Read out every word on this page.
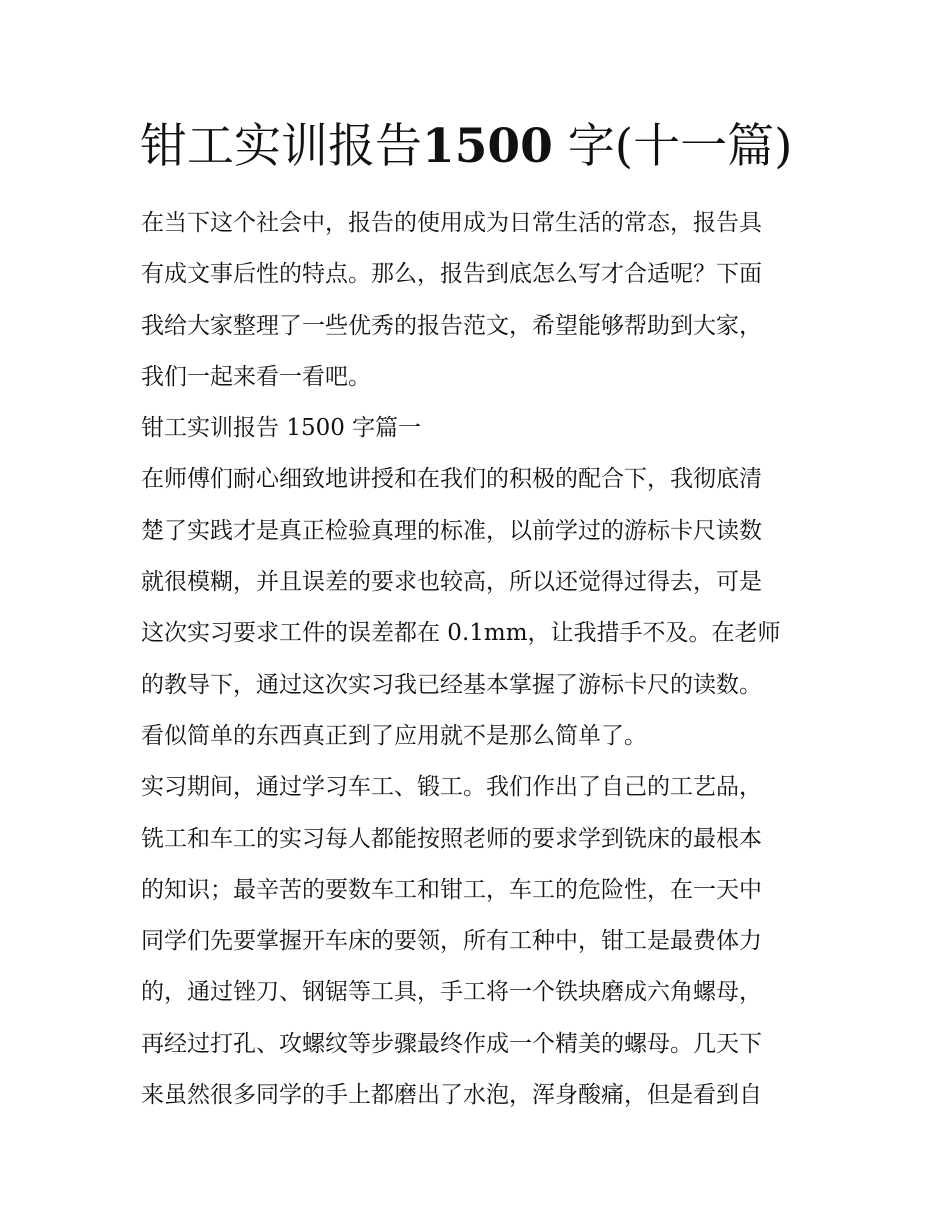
钳工实训报告1500 字(十一篇)
在当下这个社会中，报告的使用成为日常生活的常态，报告具
有成文事后性的特点。那么，报告到底怎么写才合适呢？下面
我给大家整理了一些优秀的报告范文，希望能够帮助到大家，
我们一起来看一看吧。
钳工实训报告 1500 字篇一
在师傅们耐心细致地讲授和在我们的积极的配合下，我彻底清
楚了实践才是真正检验真理的标准，以前学过的游标卡尺读数
就很模糊，并且误差的要求也较高，所以还觉得过得去，可是
这次实习要求工件的误差都在 0.1mm，让我措手不及。在老师
的教导下，通过这次实习我已经基本掌握了游标卡尺的读数。
看似简单的东西真正到了应用就不是那么简单了。
实习期间，通过学习车工、锻工。我们作出了自己的工艺品，
铣工和车工的实习每人都能按照老师的要求学到铣床的最根本
的知识；最辛苦的要数车工和钳工，车工的危险性，在一天中
同学们先要掌握开车床的要领，所有工种中，钳工是最费体力
的，通过锉刀、钢锯等工具，手工将一个铁块磨成六角螺母，
再经过打孔、攻螺纹等步骤最终作成一个精美的螺母。几天下
来虽然很多同学的手上都磨出了水泡，浑身酸痛，但是看到自
